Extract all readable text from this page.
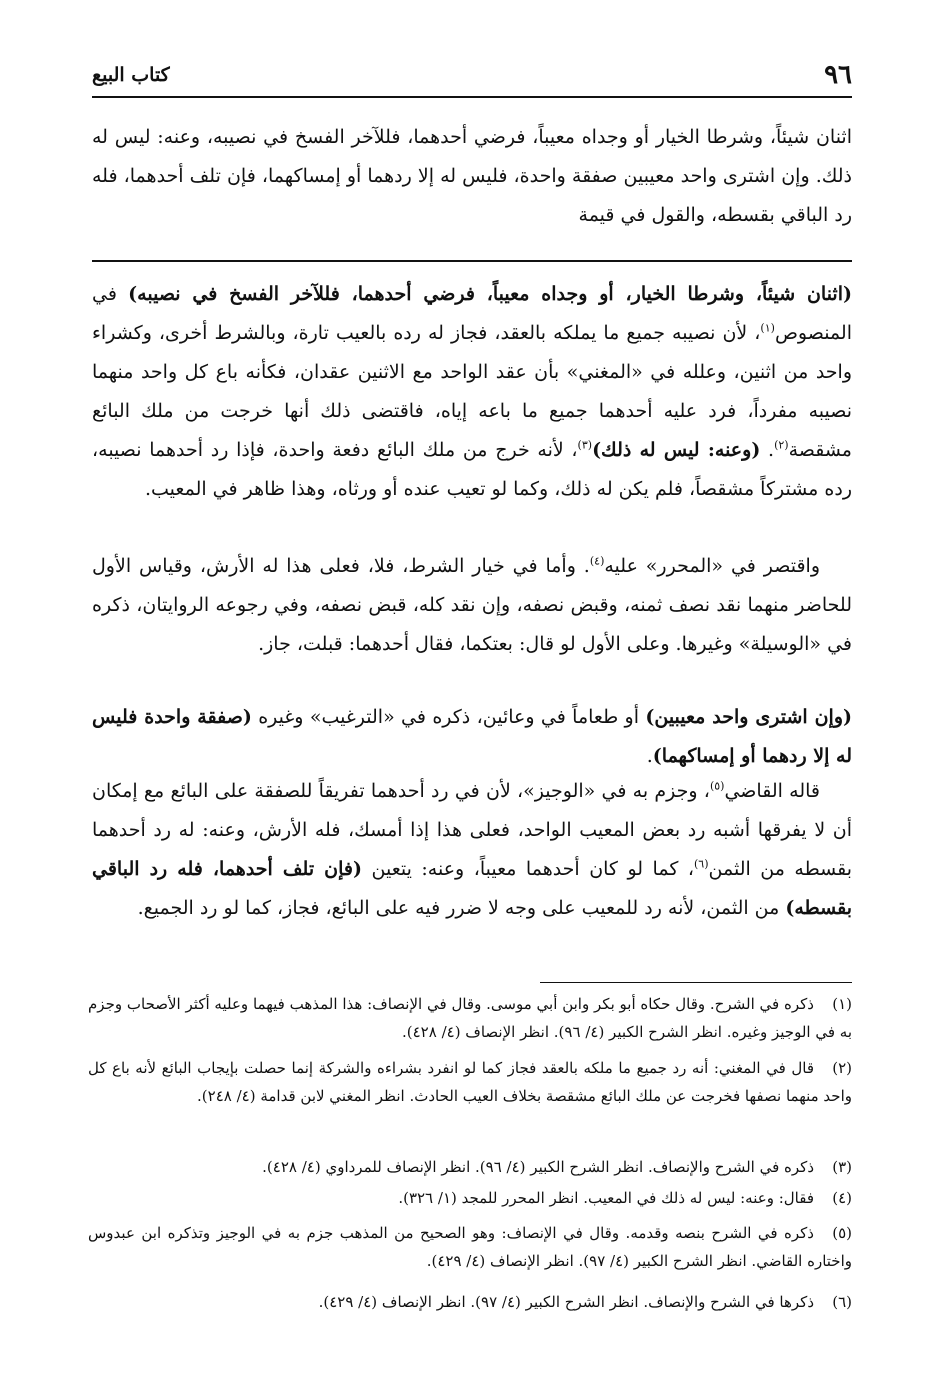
٩٦
كتاب البيع

اثنان شيئاً، وشرطا الخيار أو وجداه معيباً، فرضي أحدهما، فللآخر الفسخ في نصيبه، وعنه: ليس له ذلك. وإن اشترى واحد معيبين صفقة واحدة، فليس له إلا ردهما أو إمساكهما، فإن تلف أحدهما، فله رد الباقي بقسطه، والقول في قيمة

(اثنان شيئاً، وشرطا الخيار، أو وجداه معيباً، فرضي أحدهما، فللآخر الفسخ في نصيبه) في المنصوص$^{(١)}$، لأن نصيبه جميع ما يملكه بالعقد، فجاز له رده بالعيب تارة، وبالشرط أخرى، وكشراء واحد من اثنين، وعلله في «المغني» بأن عقد الواحد مع الاثنين عقدان، فكأنه باع كل واحد منهما نصيبه مفرداً، فرد عليه أحدهما جميع ما باعه إياه، فاقتضى ذلك أنها خرجت من ملك البائع مشقصة$^{(٢)}$. (وعنه: ليس له ذلك)$^{(٣)}$، لأنه خرج من ملك البائع دفعة واحدة، فإذا رد أحدهما نصيبه، رده مشتركاً مشقصاً، فلم يكن له ذلك، وكما لو تعيب عنده أو ورثاه، وهذا ظاهر في المعيب.

واقتصر في «المحرر» عليه$^{(٤)}$. وأما في خيار الشرط، فلا، فعلى هذا له الأرش، وقياس الأول للحاضر منهما نقد نصف ثمنه، وقبض نصفه، وإن نقد كله، قبض نصفه، وفي رجوعه الروايتان، ذكره في «الوسيلة» وغيرها. وعلى الأول لو قال: بعتكما، فقال أحدهما: قبلت، جاز.

(وإن اشترى واحد معيبين) أو طعاماً في وعائين، ذكره في «الترغيب» وغيره (صفقة واحدة فليس له إلا ردهما أو إمساكهما).

قاله القاضي$^{(٥)}$، وجزم به في «الوجيز»، لأن في رد أحدهما تفريقاً للصفقة على البائع مع إمكان أن لا يفرقها أشبه رد بعض المعيب الواحد، فعلى هذا إذا أمسك، فله الأرش، وعنه: له رد أحدهما بقسطه من الثمن$^{(٦)}$، كما لو كان أحدهما معيباً، وعنه: يتعين (فإن تلف أحدهما، فله رد الباقي بقسطه) من الثمن، لأنه رد للمعيب على وجه لا ضرر فيه على البائع، فجاز، كما لو رد الجميع.

(١)ذكره في الشرح. وقال حكاه أبو بكر وابن أبي موسى. وقال في الإنصاف: هذا المذهب فيهما وعليه أكثر الأصحاب وجزم به في الوجيز وغيره. انظر الشرح الكبير (٤/ ٩٦). انظر الإنصاف (٤/ ٤٢٨).

(٢)قال في المغني: أنه رد جميع ما ملكه بالعقد فجاز كما لو انفرد بشراءه والشركة إنما حصلت بإيجاب البائع لأنه باع كل واحد منهما نصفها فخرجت عن ملك البائع مشقصة بخلاف العيب الحادث. انظر المغني لابن قدامة (٤/ ٢٤٨).

(٣)ذكره في الشرح والإنصاف. انظر الشرح الكبير (٤/ ٩٦). انظر الإنصاف للمرداوي (٤/ ٤٢٨).

(٤)فقال: وعنه: ليس له ذلك في المعيب. انظر المحرر للمجد (١/ ٣٢٦).

(٥)ذكره في الشرح بنصه وقدمه. وقال في الإنصاف: وهو الصحيح من المذهب جزم به في الوجيز وتذكره ابن عبدوس واختاره القاضي. انظر الشرح الكبير (٤/ ٩٧). انظر الإنصاف (٤/ ٤٢٩).

(٦)ذكرها في الشرح والإنصاف. انظر الشرح الكبير (٤/ ٩٧). انظر الإنصاف (٤/ ٤٢٩).
